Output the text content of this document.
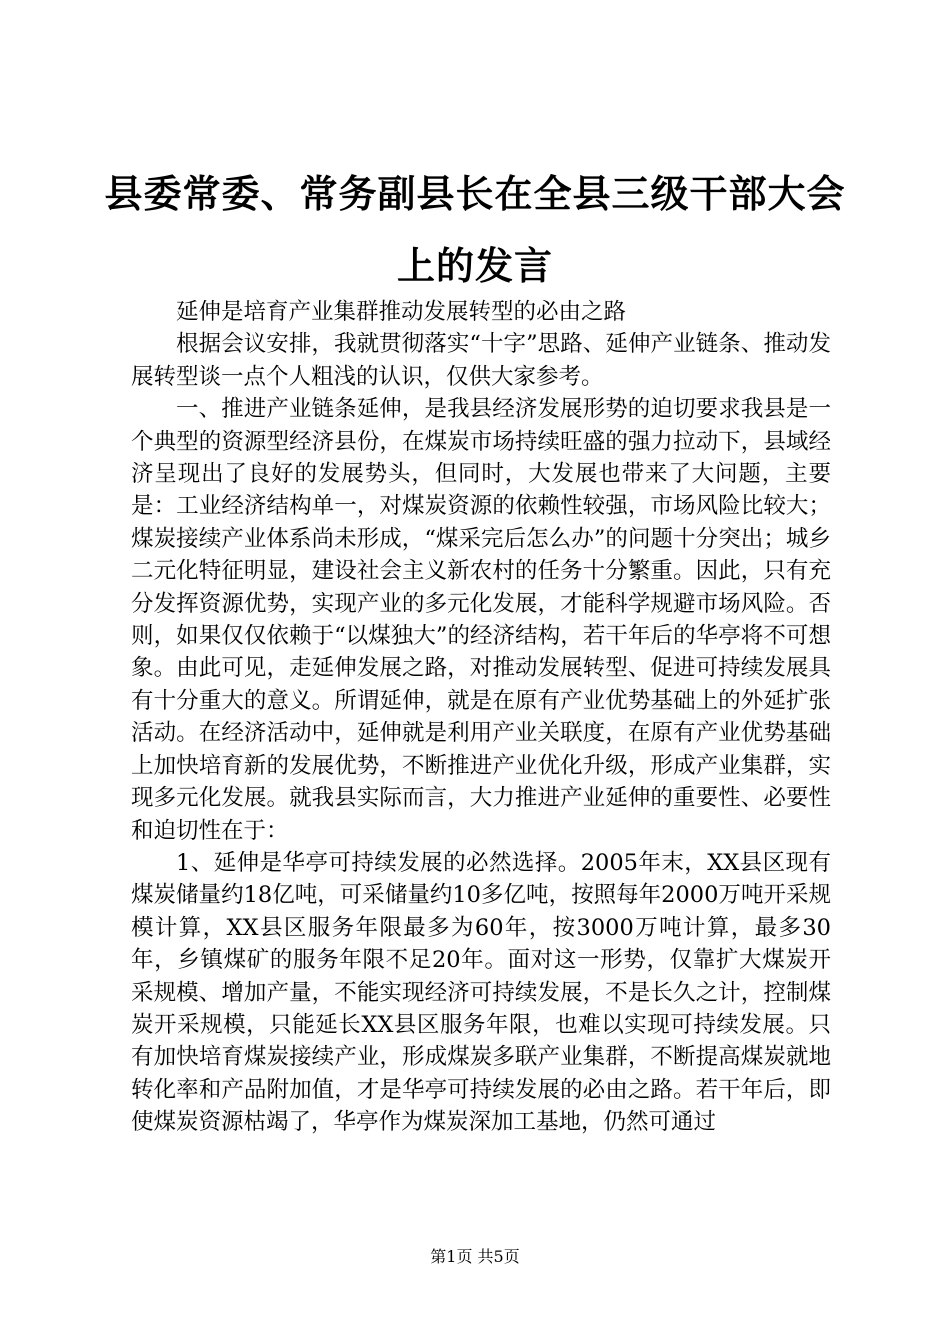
县委常委、常务副县长在全县三级干部大会上的发言

延伸是培育产业集群推动发展转型的必由之路

根据会议安排，我就贯彻落实“十字”思路、延伸产业链条、推动发展转型谈一点个人粗浅的认识，仅供大家参考。

一、推进产业链条延伸，是我县经济发展形势的迫切要求我县是一个典型的资源型经济县份，在煤炭市场持续旺盛的强力拉动下，县域经济呈现出了良好的发展势头，但同时，大发展也带来了大问题，主要是：工业经济结构单一，对煤炭资源的依赖性较强，市场风险比较大；煤炭接续产业体系尚未形成，“煤采完后怎么办”的问题十分突出；城乡二元化特征明显，建设社会主义新农村的任务十分繁重。因此，只有充分发挥资源优势，实现产业的多元化发展，才能科学规避市场风险。否则，如果仅仅依赖于“以煤独大”的经济结构，若干年后的华亭将不可想象。由此可见，走延伸发展之路，对推动发展转型、促进可持续发展具有十分重大的意义。所谓延伸，就是在原有产业优势基础上的外延扩张活动。在经济活动中，延伸就是利用产业关联度，在原有产业优势基础上加快培育新的发展优势，不断推进产业优化升级，形成产业集群，实现多元化发展。就我县实际而言，大力推进产业延伸的重要性、必要性和迫切性在于：

1、延伸是华亭可持续发展的必然选择。2005年末，XX县区现有煤炭储量约18亿吨，可采储量约10多亿吨，按照每年2000万吨开采规模计算，XX县区服务年限最多为60年，按3000万吨计算，最多30年，乡镇煤矿的服务年限不足20年。面对这一形势，仅靠扩大煤炭开采规模、增加产量，不能实现经济可持续发展，不是长久之计，控制煤炭开采规模，只能延长XX县区服务年限，也难以实现可持续发展。只有加快培育煤炭接续产业，形成煤炭多联产业集群，不断提高煤炭就地转化率和产品附加值，才是华亭可持续发展的必由之路。若干年后，即使煤炭资源枯竭了，华亭作为煤炭深加工基地，仍然可通过

第1页 共5页
